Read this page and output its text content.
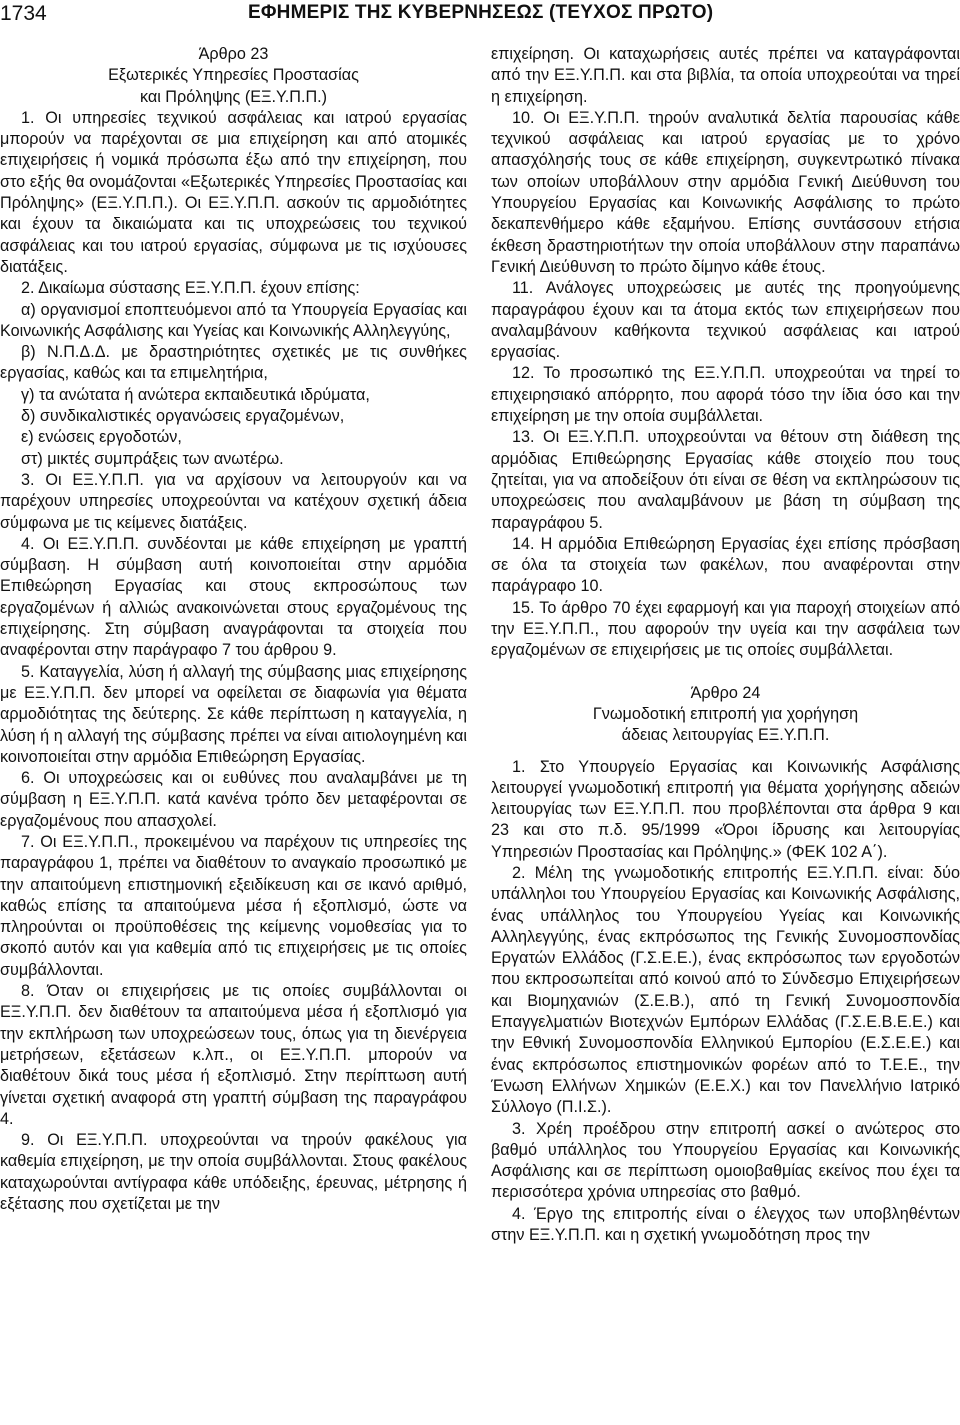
1734	ΕΦΗΜΕΡΙΣ ΤΗΣ ΚΥΒΕΡΝΗΣΕΩΣ (ΤΕΥΧΟΣ ΠΡΩΤΟ)

Άρθρο 23

Εξωτερικές Υπηρεσίες Προστασίας

και Πρόληψης (ΕΞ.Υ.Π.Π.)

1. Οι υπηρεσίες τεχνικού ασφάλειας και ιατρού εργασίας μπορούν να παρέχονται σε μια επιχείρηση και από ατομικές επιχειρήσεις ή νομικά πρόσωπα έξω από την επιχείρηση, που στο εξής θα ονομάζονται «Εξωτερικές Υπηρεσίες Προστασίας και Πρόληψης» (ΕΞ.Υ.Π.Π.). Οι ΕΞ.Υ.Π.Π. ασκούν τις αρμοδιότητες και έχουν τα δικαιώματα και τις υποχρεώσεις του τεχνικού ασφάλειας και του ιατρού εργασίας, σύμφωνα με τις ισχύουσες διατάξεις.

2. Δικαίωμα σύστασης ΕΞ.Υ.Π.Π. έχουν επίσης:

α) οργανισμοί εποπτευόμενοι από τα Υπουργεία Εργασίας και Κοινωνικής Ασφάλισης και Υγείας και Κοινωνικής Αλληλεγγύης,

β) Ν.Π.Δ.Δ. με δραστηριότητες σχετικές με τις συνθήκες εργασίας, καθώς και τα επιμελητήρια,

γ) τα ανώτατα ή ανώτερα εκπαιδευτικά ιδρύματα,

δ) συνδικαλιστικές οργανώσεις εργαζομένων,

ε) ενώσεις εργοδοτών,

στ) μικτές συμπράξεις των ανωτέρω.

3. Οι ΕΞ.Υ.Π.Π. για να αρχίσουν να λειτουργούν και να παρέχουν υπηρεσίες υποχρεούνται να κατέχουν σχετική άδεια σύμφωνα με τις κείμενες διατάξεις.

4. Οι ΕΞ.Υ.Π.Π. συνδέονται με κάθε επιχείρηση με γραπτή σύμβαση. Η σύμβαση αυτή κοινοποιείται στην αρμόδια Επιθεώρηση Εργασίας και στους εκπροσώπους των εργαζομένων ή αλλιώς ανακοινώνεται στους εργαζομένους της επιχείρησης. Στη σύμβαση αναγράφονται τα στοιχεία που αναφέρονται στην παράγραφο 7 του άρθρου 9.

5. Καταγγελία, λύση ή αλλαγή της σύμβασης μιας επιχείρησης με ΕΞ.Υ.Π.Π. δεν μπορεί να οφείλεται σε διαφωνία για θέματα αρμοδιότητας της δεύτερης. Σε κάθε περίπτωση η καταγγελία, η λύση ή η αλλαγή της σύμβασης πρέπει να είναι αιτιολογημένη και κοινοποιείται στην αρμόδια Επιθεώρηση Εργασίας.

6. Οι υποχρεώσεις και οι ευθύνες που αναλαμβάνει με τη σύμβαση η ΕΞ.Υ.Π.Π. κατά κανένα τρόπο δεν μεταφέρονται σε εργαζομένους που απασχολεί.

7. Οι ΕΞ.Υ.Π.Π., προκειμένου να παρέχουν τις υπηρεσίες της παραγράφου 1, πρέπει να διαθέτουν το αναγκαίο προσωπικό με την απαιτούμενη επιστημονική εξειδίκευση και σε ικανό αριθμό, καθώς επίσης τα απαιτούμενα μέσα ή εξοπλισμό, ώστε να πληρούνται οι προϋποθέσεις της κείμενης νομοθεσίας για το σκοπό αυτόν και για καθεμία από τις επιχειρήσεις με τις οποίες συμβάλλονται.

8. Όταν οι επιχειρήσεις με τις οποίες συμβάλλονται οι ΕΞ.Υ.Π.Π. δεν διαθέτουν τα απαιτούμενα μέσα ή εξοπλισμό για την εκπλήρωση των υποχρεώσεων τους, όπως για τη διενέργεια μετρήσεων, εξετάσεων κ.λπ., οι ΕΞ.Υ.Π.Π. μπορούν να διαθέτουν δικά τους μέσα ή εξοπλισμό. Στην περίπτωση αυτή γίνεται σχετική αναφορά στη γραπτή σύμβαση της παραγράφου 4.

9. Οι ΕΞ.Υ.Π.Π. υποχρεούνται να τηρούν φακέλους για καθεμία επιχείρηση, με την οποία συμβάλλονται. Στους φακέλους καταχωρούνται αντίγραφα κάθε υπόδειξης, έρευνας, μέτρησης ή εξέτασης που σχετίζεται με την

επιχείρηση. Οι καταχωρήσεις αυτές πρέπει να καταγράφονται από την ΕΞ.Υ.Π.Π. και στα βιβλία, τα οποία υποχρεούται να τηρεί η επιχείρηση.

10. Οι ΕΞ.Υ.Π.Π. τηρούν αναλυτικά δελτία παρουσίας κάθε τεχνικού ασφάλειας και ιατρού εργασίας με το χρόνο απασχόλησής τους σε κάθε επιχείρηση, συγκεντρωτικό πίνακα των οποίων υποβάλλουν στην αρμόδια Γενική Διεύθυνση του Υπουργείου Εργασίας και Κοινωνικής Ασφάλισης το πρώτο δεκαπενθήμερο κάθε εξαμήνου. Επίσης συντάσσουν ετήσια έκθεση δραστηριοτήτων την οποία υποβάλλουν στην παραπάνω Γενική Διεύθυνση το πρώτο δίμηνο κάθε έτους.

11. Ανάλογες υποχρεώσεις με αυτές της προηγούμενης παραγράφου έχουν και τα άτομα εκτός των επιχειρήσεων που αναλαμβάνουν καθήκοντα τεχνικού ασφάλειας και ιατρού εργασίας.

12. Το προσωπικό της ΕΞ.Υ.Π.Π. υποχρεούται να τηρεί το επιχειρησιακό απόρρητο, που αφορά τόσο την ίδια όσο και την επιχείρηση με την οποία συμβάλλεται.

13. Οι ΕΞ.Υ.Π.Π. υποχρεούνται να θέτουν στη διάθεση της αρμόδιας Επιθεώρησης Εργασίας κάθε στοιχείο που τους ζητείται, για να αποδείξουν ότι είναι σε θέση να εκπληρώσουν τις υποχρεώσεις που αναλαμβάνουν με βάση τη σύμβαση της παραγράφου 5.

14. Η αρμόδια Επιθεώρηση Εργασίας έχει επίσης πρόσβαση σε όλα τα στοιχεία των φακέλων, που αναφέρονται στην παράγραφο 10.

15. Το άρθρο 70 έχει εφαρμογή και για παροχή στοιχείων από την ΕΞ.Υ.Π.Π., που αφορούν την υγεία και την ασφάλεια των εργαζομένων σε επιχειρήσεις με τις οποίες συμβάλλεται.

Άρθρο 24

Γνωμοδοτική επιτροπή για χορήγηση

άδειας λειτουργίας ΕΞ.Υ.Π.Π.

1. Στο Υπουργείο Εργασίας και Κοινωνικής Ασφάλισης λειτουργεί γνωμοδοτική επιτροπή για θέματα χορήγησης αδειών λειτουργίας των ΕΞ.Υ.Π.Π. που προβλέπονται στα άρθρα 9 και 23 και στο π.δ. 95/1999 «Όροι ίδρυσης και λειτουργίας Υπηρεσιών Προστασίας και Πρόληψης.» (ΦΕΚ 102 Α΄).

2. Μέλη της γνωμοδοτικής επιτροπής ΕΞ.Υ.Π.Π. είναι: δύο υπάλληλοι του Υπουργείου Εργασίας και Κοινωνικής Ασφάλισης, ένας υπάλληλος του Υπουργείου Υγείας και Κοινωνικής Αλληλεγγύης, ένας εκπρόσωπος της Γενικής Συνομοσπονδίας Εργατών Ελλάδος (Γ.Σ.Ε.Ε.), ένας εκπρόσωπος των εργοδοτών που εκπροσωπείται από κοινού από το Σύνδεσμο Επιχειρήσεων και Βιομηχανιών (Σ.Ε.Β.), από τη Γενική Συνομοσπονδία Επαγγελματιών Βιοτεχνών Εμπόρων Ελλάδας (Γ.Σ.Ε.Β.Ε.Ε.) και την Εθνική Συνομοσπονδία Ελληνικού Εμπορίου (Ε.Σ.Ε.Ε.) και ένας εκπρόσωπος επιστημονικών φορέων από το Τ.Ε.Ε., την Ένωση Ελλήνων Χημικών (Ε.Ε.Χ.) και τον Πανελλήνιο Ιατρικό Σύλλογο (Π.Ι.Σ.).

3. Χρέη προέδρου στην επιτροπή ασκεί ο ανώτερος στο βαθμό υπάλληλος του Υπουργείου Εργασίας και Κοινωνικής Ασφάλισης και σε περίπτωση ομοιοβαθμίας εκείνος που έχει τα περισσότερα χρόνια υπηρεσίας στο βαθμό.

4. Έργο της επιτροπής είναι ο έλεγχος των υποβληθέντων στην ΕΞ.Υ.Π.Π. και η σχετική γνωμοδότηση προς την
